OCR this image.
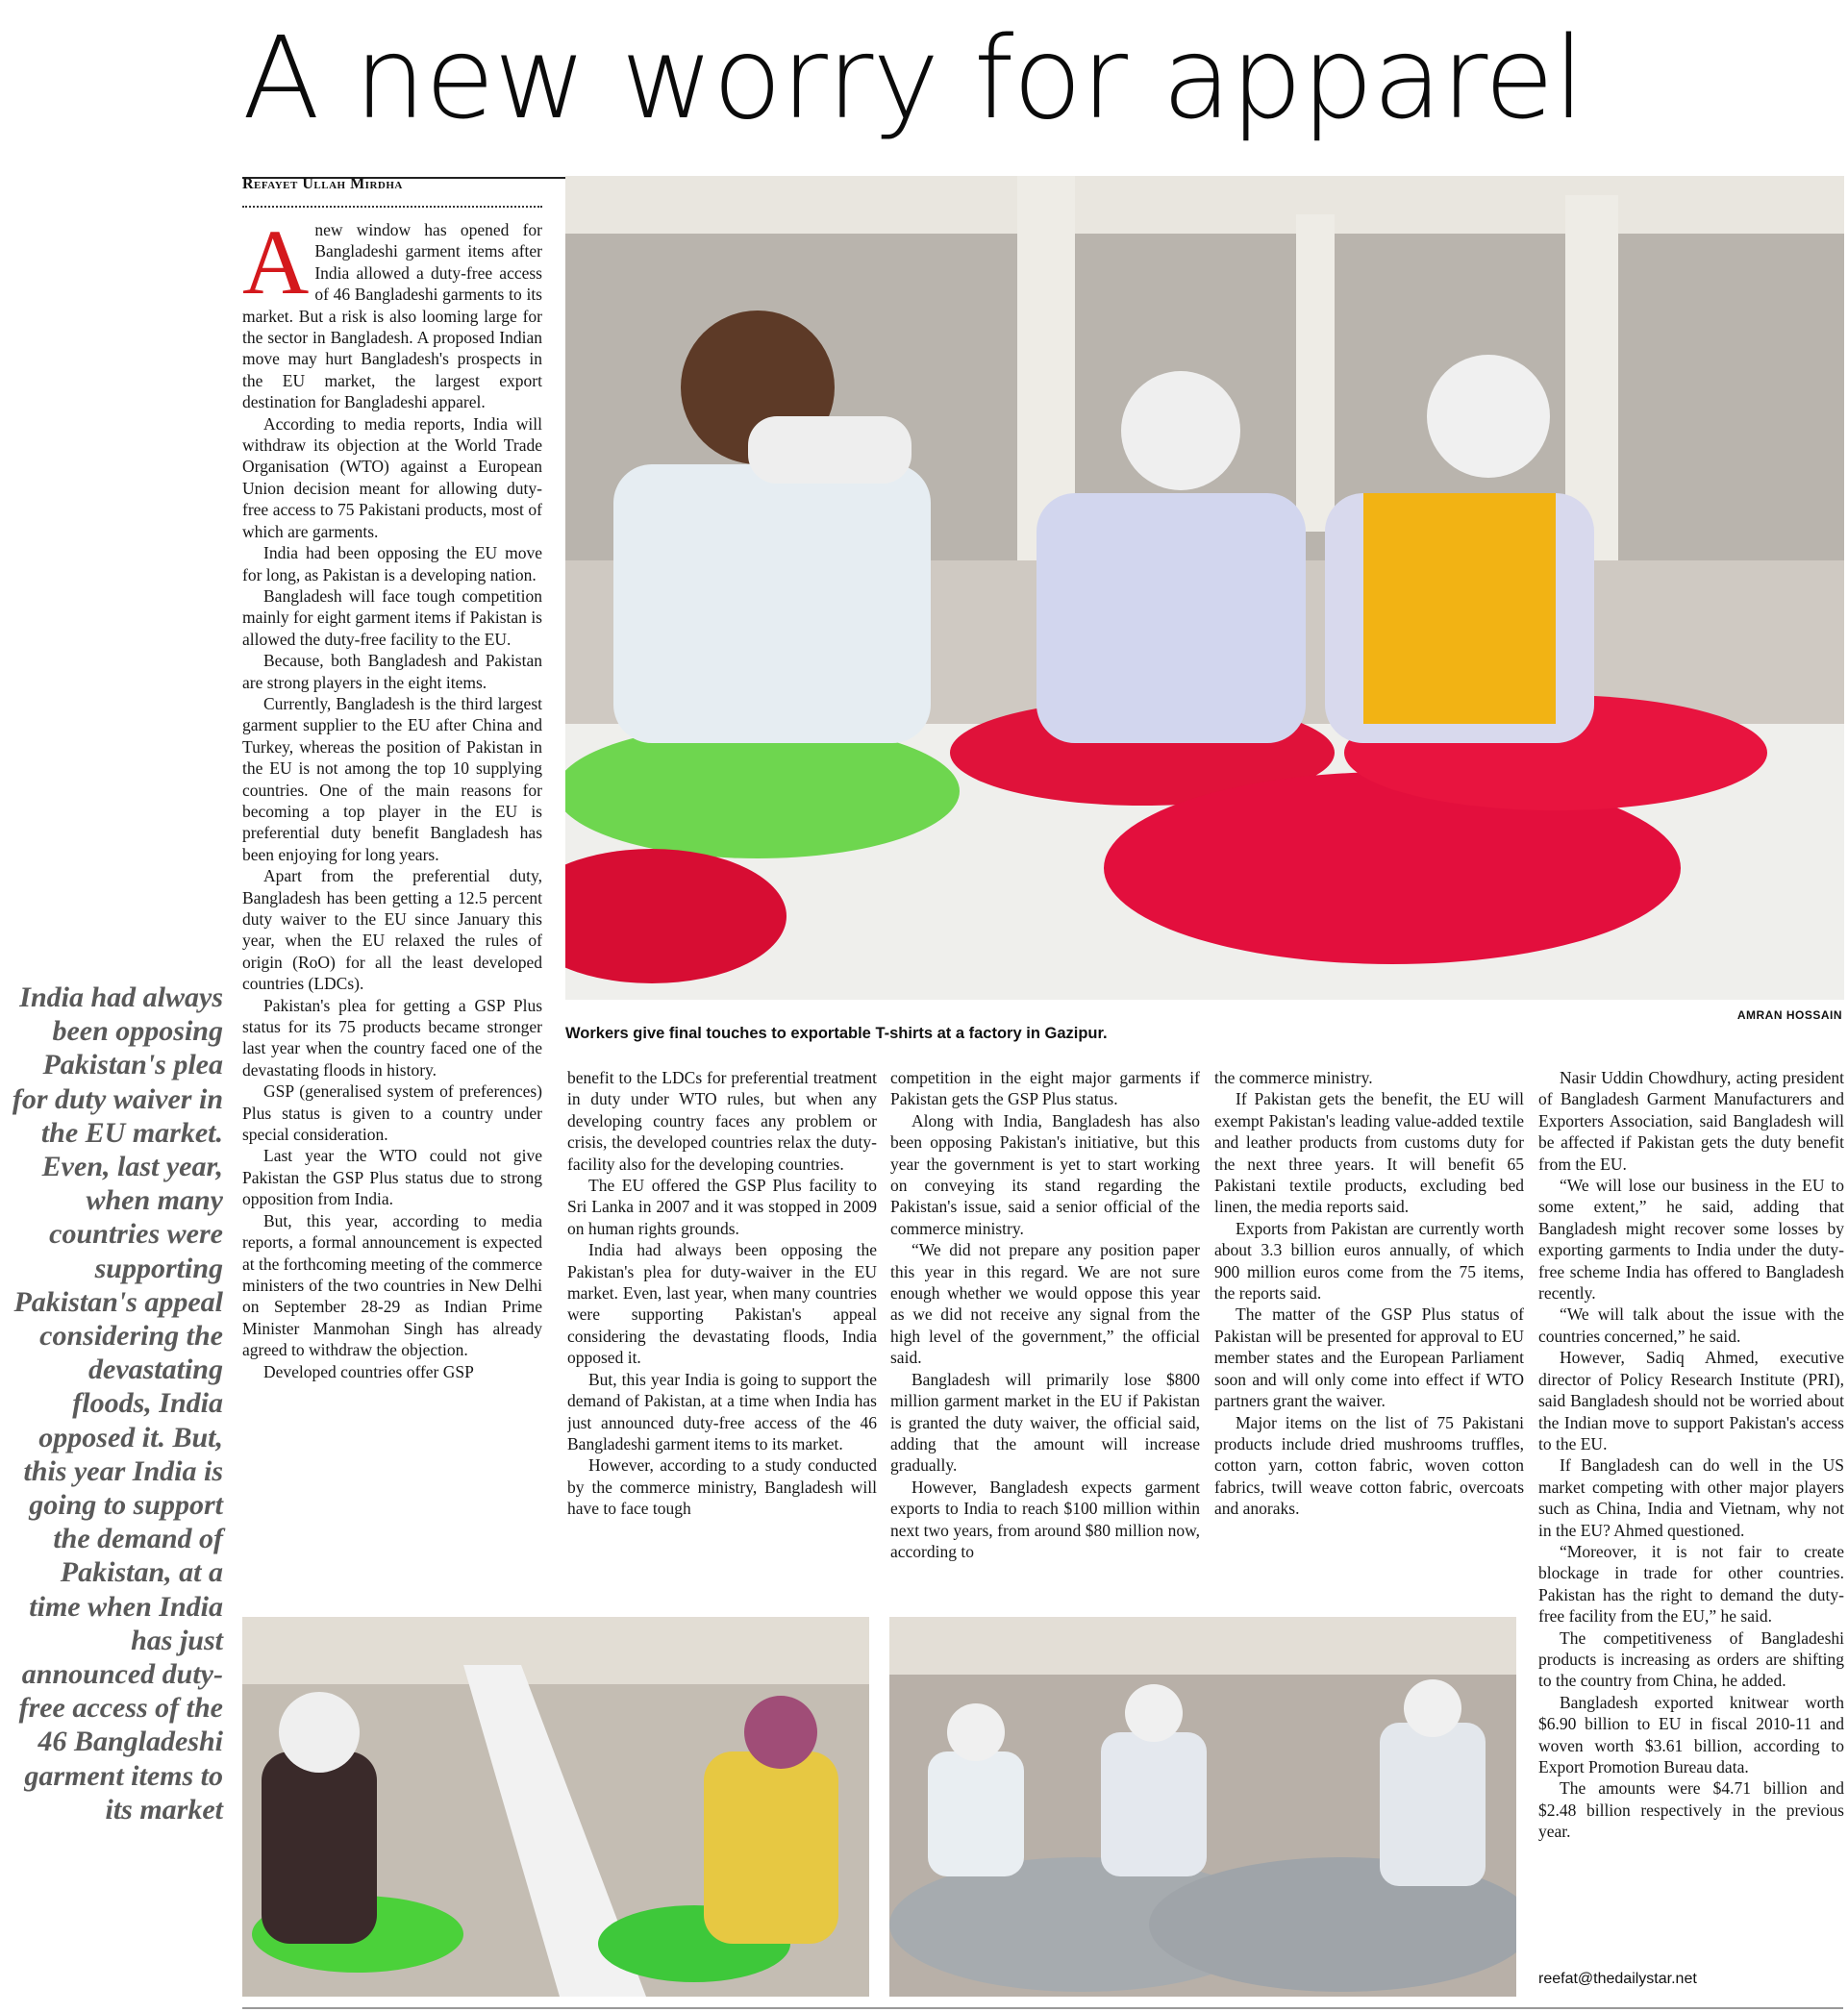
A new worry for apparel
Refayet Ullah Mirdha

Anew window has opened for Bangladeshi garment items after India allowed a duty-free access of 46 Bangladeshi garments to its market. But a risk is also looming large for the sector in Bangladesh. A proposed Indian move may hurt Bangladesh's prospects in the EU market, the largest export destination for Bangladeshi apparel.

According to media reports, India will withdraw its objection at the World Trade Organisation (WTO) against a European Union decision meant for allowing duty-free access to 75 Pakistani products, most of which are garments.

India had been opposing the EU move for long, as Pakistan is a developing nation.

Bangladesh will face tough competition mainly for eight garment items if Pakistan is allowed the duty-free facility to the EU.

Because, both Bangladesh and Pakistan are strong players in the eight items.

Currently, Bangladesh is the third largest garment supplier to the EU after China and Turkey, whereas the position of Pakistan in the EU is not among the top 10 supplying countries. One of the main reasons for becoming a top player in the EU is preferential duty benefit Bangladesh has been enjoying for long years.

Apart from the preferential duty, Bangladesh has been getting a 12.5 percent duty waiver to the EU since January this year, when the EU relaxed the rules of origin (RoO) for all the least developed countries (LDCs).

Pakistan's plea for getting a GSP Plus status for its 75 products became stronger last year when the country faced one of the devastating floods in history.

GSP (generalised system of preferences) Plus status is given to a country under special consideration.

Last year the WTO could not give Pakistan the GSP Plus status due to strong opposition from India.

But, this year, according to media reports, a formal announcement is expected at the forthcoming meeting of the commerce ministers of the two countries in New Delhi on September 28-29 as Indian Prime Minister Manmohan Singh has already agreed to withdraw the objection.

Developed countries offer GSP

India had always been opposing Pakistan's plea for duty waiver in the EU market. Even, last year, when many countries were supporting Pakistan's appeal considering the devastating floods, India opposed it. But, this year India is going to support the demand of Pakistan, at a time when India has just announced duty-free access of the 46 Bangladeshi garment items to its market
AMRAN HOSSAIN
Workers give final touches to exportable T-shirts at a factory in Gazipur.

benefit to the LDCs for preferential treatment in duty under WTO rules, but when any developing country faces any problem or crisis, the developed countries relax the duty-facility also for the developing countries.

The EU offered the GSP Plus facility to Sri Lanka in 2007 and it was stopped in 2009 on human rights grounds.

India had always been opposing the Pakistan's plea for duty-waiver in the EU market. Even, last year, when many countries were supporting Pakistan's appeal considering the devastating floods, India opposed it.

But, this year India is going to support the demand of Pakistan, at a time when India has just announced duty-free access of the 46 Bangladeshi garment items to its market.

However, according to a study conducted by the commerce ministry, Bangladesh will have to face tough

competition in the eight major garments if Pakistan gets the GSP Plus status.

Along with India, Bangladesh has also been opposing Pakistan's initiative, but this year the government is yet to start working on conveying its stand regarding the Pakistan's issue, said a senior official of the commerce ministry.

“We did not prepare any position paper this year in this regard. We are not sure enough whether we would oppose this year as we did not receive any signal from the high level of the government,” the official said.

Bangladesh will primarily lose $800 million garment market in the EU if Pakistan is granted the duty waiver, the official said, adding that the amount will increase gradually.

However, Bangladesh expects garment exports to India to reach $100 million within next two years, from around $80 million now, according to

the commerce ministry.

If Pakistan gets the benefit, the EU will exempt Pakistan's leading value-added textile and leather products from customs duty for the next three years. It will benefit 65 Pakistani textile products, excluding bed linen, the media reports said.

Exports from Pakistan are currently worth about 3.3 billion euros annually, of which 900 million euros come from the 75 items, the reports said.

The matter of the GSP Plus status of Pakistan will be presented for approval to EU member states and the European Parliament soon and will only come into effect if WTO partners grant the waiver.

Major items on the list of 75 Pakistani products include dried mushrooms truffles, cotton yarn, cotton fabric, woven cotton fabrics, twill weave cotton fabric, overcoats and anoraks.

Nasir Uddin Chowdhury, acting president of Bangladesh Garment Manufacturers and Exporters Association, said Bangladesh will be affected if Pakistan gets the duty benefit from the EU.

“We will lose our business in the EU to some extent,” he said, adding that Bangladesh might recover some losses by exporting garments to India under the duty-free scheme India has offered to Bangladesh recently.

“We will talk about the issue with the countries concerned,” he said.

However, Sadiq Ahmed, executive director of Policy Research Institute (PRI), said Bangladesh should not be worried about the Indian move to support Pakistan's access to the EU.

If Bangladesh can do well in the US market competing with other major players such as China, India and Vietnam, why not in the EU? Ahmed questioned.

“Moreover, it is not fair to create blockage in trade for other countries. Pakistan has the right to demand the duty-free facility from the EU,” he said.

The competitiveness of Bangladeshi products is increasing as orders are shifting to the country from China, he added.

Bangladesh exported knitwear worth $6.90 billion to EU in fiscal 2010-11 and woven worth $3.61 billion, according to Export Promotion Bureau data.

The amounts were $4.71 billion and $2.48 billion respectively in the previous year.

reefat@thedailystar.net
